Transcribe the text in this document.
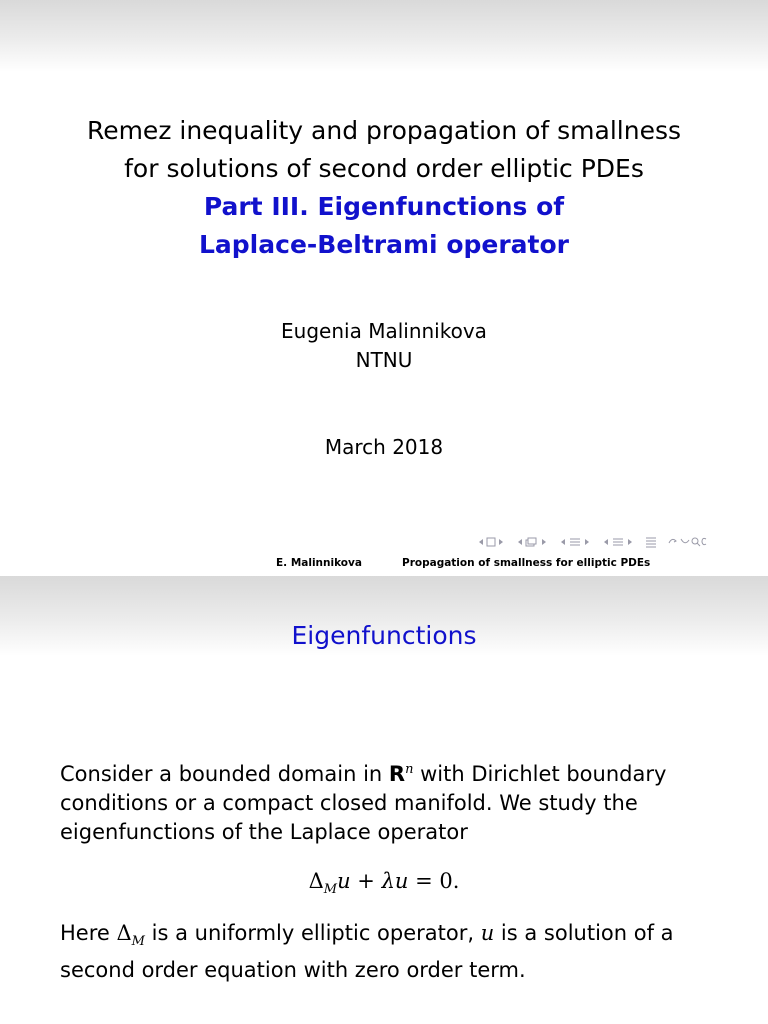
Remez inequality and propagation of smallness
for solutions of second order elliptic PDEs
Part III. Eigenfunctions of
Laplace-Beltrami operator
Eugenia Malinnikova
NTNU
March 2018
E. Malinnikova	Propagation of smallness for elliptic PDEs
Eigenfunctions
Consider a bounded domain in $R^n$ with Dirichlet boundary conditions or a compact closed manifold. We study the eigenfunctions of the Laplace operator
$\Delta_Mu + \lambda u = 0$.
Here $\Delta_M$ is a uniformly elliptic operator, u is a solution of a second order equation with zero order term.
